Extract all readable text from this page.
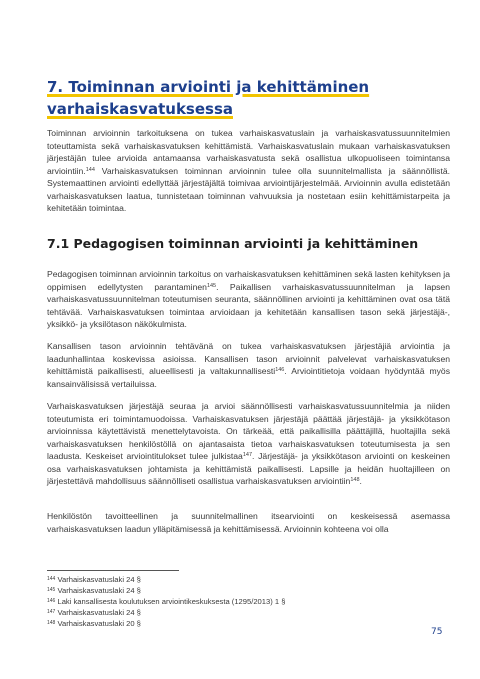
7. Toiminnan arviointi ja kehittäminen varhaiskasvatuksessa

Toiminnan arvioinnin tarkoituksena on tukea varhaiskasvatuslain ja varhaiskasvatussuunnitelmien toteuttamista sekä varhaiskasvatuksen kehittämistä. Varhaiskasvatuslain mukaan varhaiskasvatuksen järjestäjän tulee arvioida antamaansa varhaiskasvatusta sekä osallistua ulkopuoliseen toimintansa arviointiin.$^{144}$ Varhaiskasvatuksen toiminnan arvioinnin tulee olla suunnitelmallista ja säännöllistä. Systemaattinen arviointi edellyttää järjestäjältä toimivaa arviointijärjestelmää. Arvioinnin avulla edistetään varhaiskasvatuksen laatua, tunnistetaan toiminnan vahvuuksia ja nostetaan esiin kehittämistarpeita ja kehitetään toimintaa.

7.1 Pedagogisen toiminnan arviointi ja kehittäminen

Pedagogisen toiminnan arvioinnin tarkoitus on varhaiskasvatuksen kehittäminen sekä lasten kehityksen ja oppimisen edellytysten parantaminen$^{145}$. Paikallisen varhaiskasvatussuunnitelman ja lapsen varhaiskasvatussuunnitelman toteutumisen seuranta, säännöllinen arviointi ja kehittäminen ovat osa tätä tehtävää. Varhaiskasvatuksen toimintaa arvioidaan ja kehitetään kansallisen tason sekä järjestäjä-, yksikkö- ja yksilötason näkökulmista.

Kansallisen tason arvioinnin tehtävänä on tukea varhaiskasvatuksen järjestäjiä arviointia ja laadunhallintaa koskevissa asioissa. Kansallisen tason arvioinnit palvelevat varhaiskasvatuksen kehittämistä paikallisesti, alueellisesti ja valtakunnallisesti$^{146}$. Arviointitietoja voidaan hyödyntää myös kansainvälisissä vertailuissa.

Varhaiskasvatuksen järjestäjä seuraa ja arvioi säännöllisesti varhaiskasvatussuunnitelmia ja niiden toteutumista eri toimintamuodoissa. Varhaiskasvatuksen järjestäjä päättää järjestäjä- ja yksikkötason arvioinnissa käytettävistä menettelytavoista. On tärkeää, että paikallisilla päättäjillä, huoltajilla sekä varhaiskasvatuksen henkilöstöllä on ajantasaista tietoa varhaiskasvatuksen toteutumisesta ja sen laadusta. Keskeiset arviointitulokset tulee julkistaa$^{147}$. Järjestäjä- ja yksikkötason arviointi on keskeinen osa varhaiskasvatuksen johtamista ja kehittämistä paikallisesti. Lapsille ja heidän huoltajilleen on järjestettävä mahdollisuus säännölliseti osallistua varhaiskasvatuksen arviointiin$^{148}$.

Henkilöstön tavoitteellinen ja suunnitelmallinen itsearviointi on keskeisessä asemassa varhaiskasvatuksen laadun ylläpitämisessä ja kehittämisessä. Arvioinnin kohteena voi olla

$^{144}$ Varhaiskasvatuslaki 24 §
$^{145}$ Varhaiskasvatuslaki 24 §
$^{146}$ Laki kansallisesta koulutuksen arviointikeskuksesta (1295/2013) 1 §
$^{147}$ Varhaiskasvatuslaki 24 §
$^{148}$ Varhaiskasvatuslaki 20 §
75
